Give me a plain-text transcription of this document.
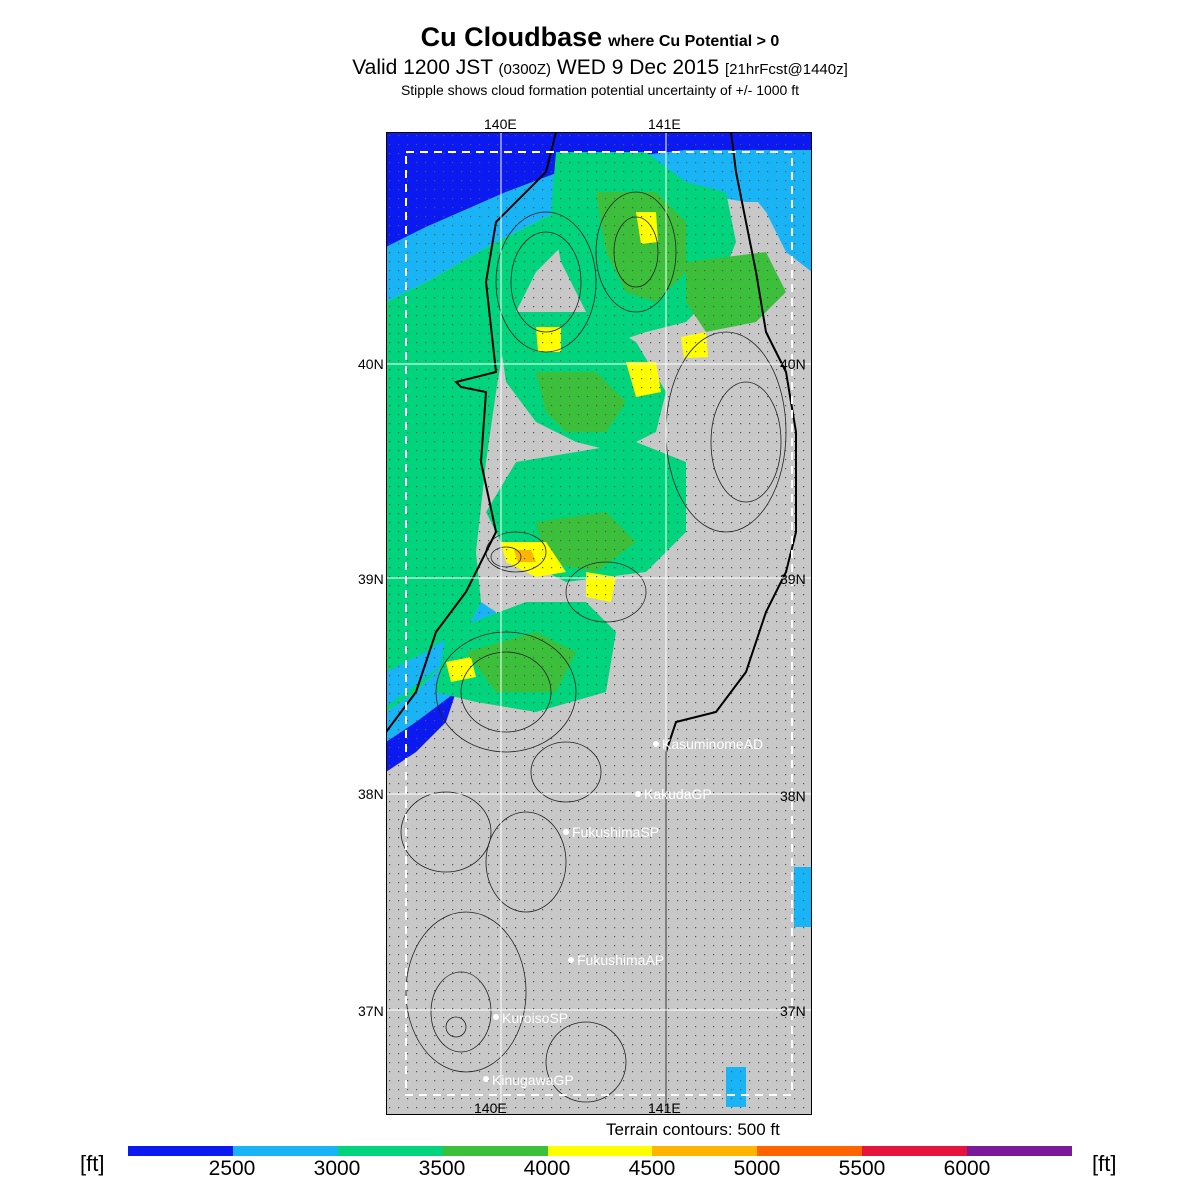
Cu Cloudbase where Cu Potential > 0
Valid 1200 JST (0300Z) WED 9 Dec 2015 [21hrFcst@1440z]
Stipple shows cloud formation potential uncertainty of +/- 1000 ft
140E	141E
140E	141E
40N
39N
38N
37N
40N
39N
38N
37N
KasuminomeAD
KakudaGP
FukushimaSP
FukushimaAP
KuroisoSP
KinugawaGP
Terrain contours: 500 ft
[ft]	[ft]
2500	3000	3500	4000	4500	5000	5500	6000
